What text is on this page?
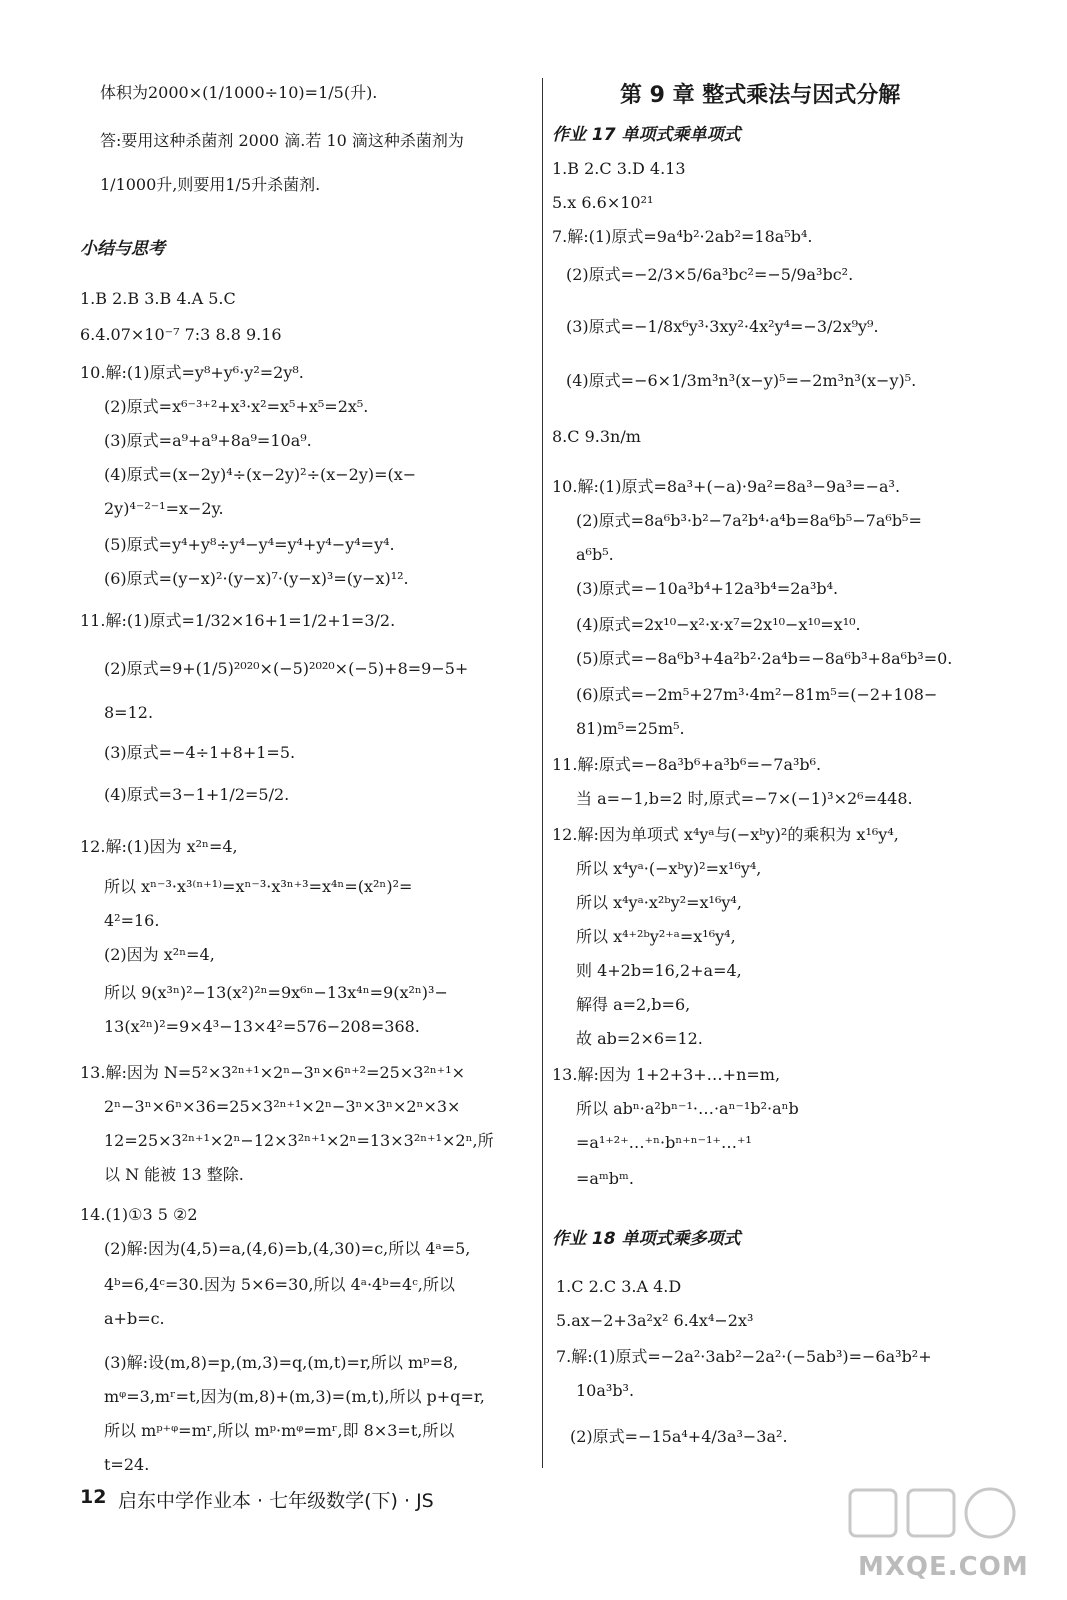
体积为2000×(1/1000÷10)=1/5(升).
答:要用这种杀菌剂 2000 滴.若 10 滴这种杀菌剂为
1/1000升,则要用1/5升杀菌剂.
小结与思考
1.B 2.B 3.B 4.A 5.C
6.4.07×10⁻⁷ 7:3 8.8 9.16
10.解:(1)原式=y⁸+y⁶·y²=2y⁸.
(2)原式=x⁶⁻³⁺²+x³·x²=x⁵+x⁵=2x⁵.
(3)原式=a⁹+a⁹+8a⁹=10a⁹.
(4)原式=(x−2y)⁴÷(x−2y)²÷(x−2y)=(x−
2y)⁴⁻²⁻¹=x−2y.
(5)原式=y⁴+y⁸÷y⁴−y⁴=y⁴+y⁴−y⁴=y⁴.
(6)原式=(y−x)²·(y−x)⁷·(y−x)³=(y−x)¹².
11.解:(1)原式=1/32×16+1=1/2+1=3/2.
(2)原式=9+(1/5)²⁰²⁰×(−5)²⁰²⁰×(−5)+8=9−5+
8=12.
(3)原式=−4÷1+8+1=5.
(4)原式=3−1+1/2=5/2.
12.解:(1)因为 x²ⁿ=4,
所以 xⁿ⁻³·x³⁽ⁿ⁺¹⁾=xⁿ⁻³·x³ⁿ⁺³=x⁴ⁿ=(x²ⁿ)²=
4²=16.
(2)因为 x²ⁿ=4,
所以 9(x³ⁿ)²−13(x²)²ⁿ=9x⁶ⁿ−13x⁴ⁿ=9(x²ⁿ)³−
13(x²ⁿ)²=9×4³−13×4²=576−208=368.
13.解:因为 N=5²×3²ⁿ⁺¹×2ⁿ−3ⁿ×6ⁿ⁺²=25×3²ⁿ⁺¹×
2ⁿ−3ⁿ×6ⁿ×36=25×3²ⁿ⁺¹×2ⁿ−3ⁿ×3ⁿ×2ⁿ×3×
12=25×3²ⁿ⁺¹×2ⁿ−12×3²ⁿ⁺¹×2ⁿ=13×3²ⁿ⁺¹×2ⁿ,所
以 N 能被 13 整除.
14.(1)①3 5 ②2
(2)解:因为(4,5)=a,(4,6)=b,(4,30)=c,所以 4ᵃ=5,
4ᵇ=6,4ᶜ=30.因为 5×6=30,所以 4ᵃ·4ᵇ=4ᶜ,所以
a+b=c.
(3)解:设(m,8)=p,(m,3)=q,(m,t)=r,所以 mᵖ=8,
mᵠ=3,mʳ=t,因为(m,8)+(m,3)=(m,t),所以 p+q=r,
所以 mᵖ⁺ᵠ=mʳ,所以 mᵖ·mᵠ=mʳ,即 8×3=t,所以
t=24.
第 9 章 整式乘法与因式分解
作业 17 单项式乘单项式
1.B 2.C 3.D 4.13
5.x 6.6×10²¹
7.解:(1)原式=9a⁴b²·2ab²=18a⁵b⁴.
(2)原式=−2/3×5/6a³bc²=−5/9a³bc².
(3)原式=−1/8x⁶y³·3xy²·4x²y⁴=−3/2x⁹y⁹.
(4)原式=−6×1/3m³n³(x−y)⁵=−2m³n³(x−y)⁵.
8.C 9.3n/m
10.解:(1)原式=8a³+(−a)·9a²=8a³−9a³=−a³.
(2)原式=8a⁶b³·b²−7a²b⁴·a⁴b=8a⁶b⁵−7a⁶b⁵=
a⁶b⁵.
(3)原式=−10a³b⁴+12a³b⁴=2a³b⁴.
(4)原式=2x¹⁰−x²·x·x⁷=2x¹⁰−x¹⁰=x¹⁰.
(5)原式=−8a⁶b³+4a²b²·2a⁴b=−8a⁶b³+8a⁶b³=0.
(6)原式=−2m⁵+27m³·4m²−81m⁵=(−2+108−
81)m⁵=25m⁵.
11.解:原式=−8a³b⁶+a³b⁶=−7a³b⁶.
当 a=−1,b=2 时,原式=−7×(−1)³×2⁶=448.
12.解:因为单项式 x⁴yᵃ与(−xᵇy)²的乘积为 x¹⁶y⁴,
所以 x⁴yᵃ·(−xᵇy)²=x¹⁶y⁴,
所以 x⁴yᵃ·x²ᵇy²=x¹⁶y⁴,
所以 x⁴⁺²ᵇy²⁺ᵃ=x¹⁶y⁴,
则 4+2b=16,2+a=4,
解得 a=2,b=6,
故 ab=2×6=12.
13.解:因为 1+2+3+…+n=m,
所以 abⁿ·a²bⁿ⁻¹·…·aⁿ⁻¹b²·aⁿb
=a¹⁺²⁺…⁺ⁿ·bⁿ⁺ⁿ⁻¹⁺…⁺¹
=aᵐbᵐ.
作业 18 单项式乘多项式
1.C 2.C 3.A 4.D
5.ax−2+3a²x² 6.4x⁴−2x³
7.解:(1)原式=−2a²·3ab²−2a²·(−5ab³)=−6a³b²+
10a³b³.
(2)原式=−15a⁴+4/3a³−3a².
12 启东中学作业本 · 七年级数学(下) · JS
MXQE.COM
